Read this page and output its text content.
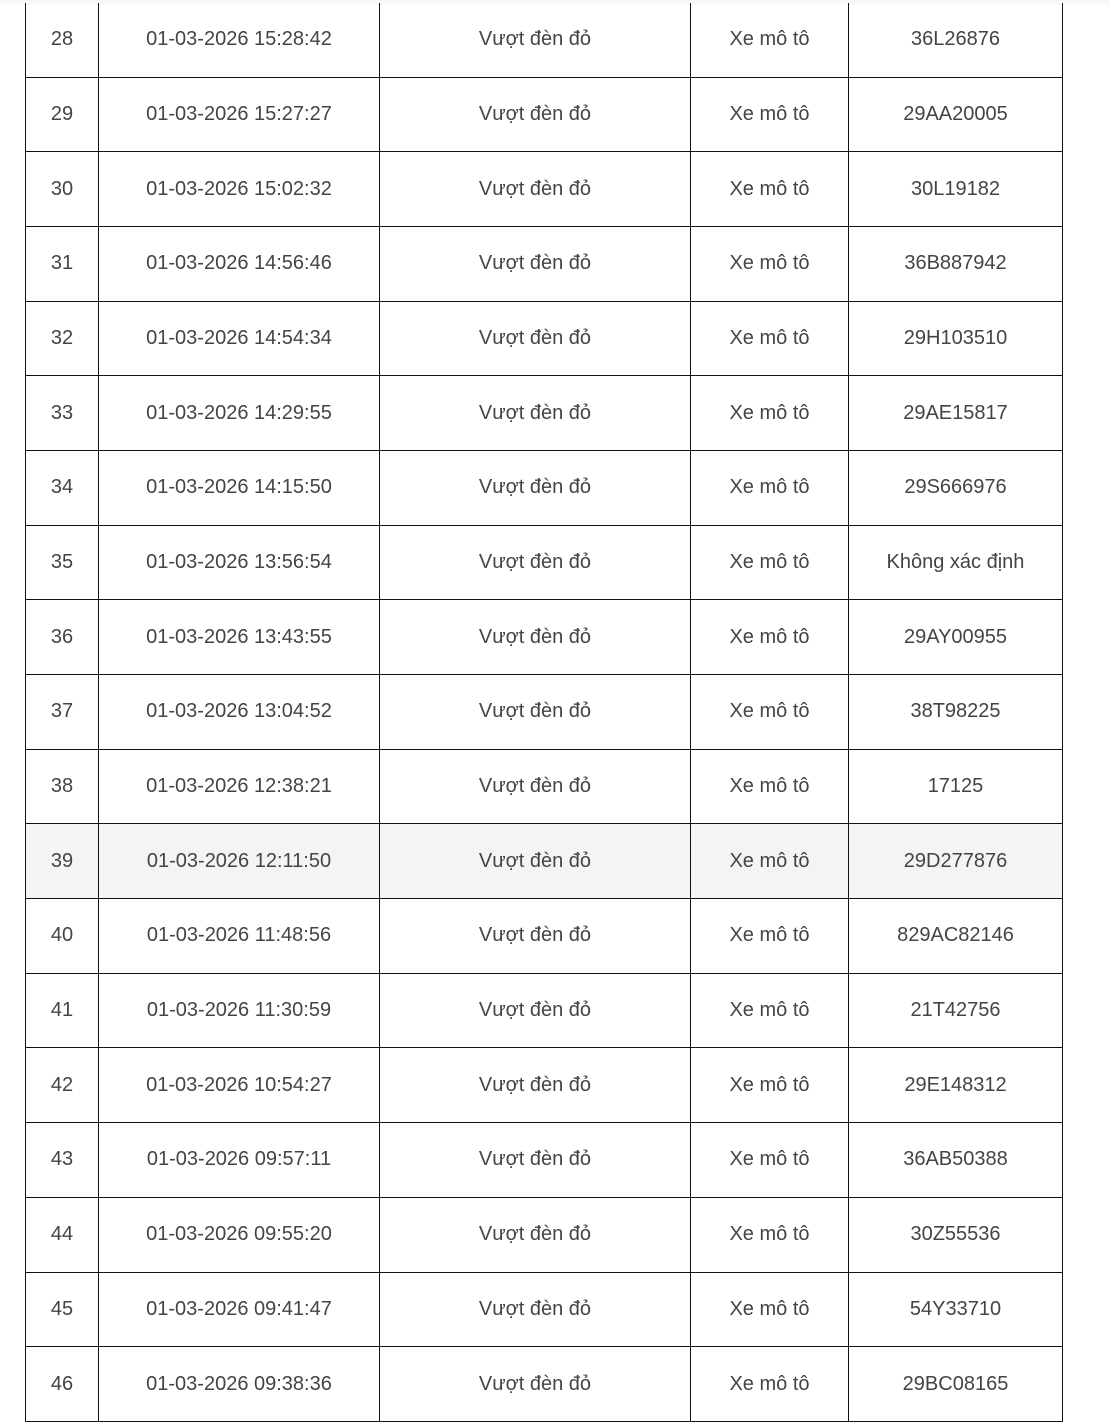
28	01-03-2026 15:28:42	Vượt đèn đỏ	Xe mô tô	36L26876
29	01-03-2026 15:27:27	Vượt đèn đỏ	Xe mô tô	29AA20005
30	01-03-2026 15:02:32	Vượt đèn đỏ	Xe mô tô	30L19182
31	01-03-2026 14:56:46	Vượt đèn đỏ	Xe mô tô	36B887942
32	01-03-2026 14:54:34	Vượt đèn đỏ	Xe mô tô	29H103510
33	01-03-2026 14:29:55	Vượt đèn đỏ	Xe mô tô	29AE15817
34	01-03-2026 14:15:50	Vượt đèn đỏ	Xe mô tô	29S666976
35	01-03-2026 13:56:54	Vượt đèn đỏ	Xe mô tô	Không xác định
36	01-03-2026 13:43:55	Vượt đèn đỏ	Xe mô tô	29AY00955
37	01-03-2026 13:04:52	Vượt đèn đỏ	Xe mô tô	38T98225
38	01-03-2026 12:38:21	Vượt đèn đỏ	Xe mô tô	17125
39	01-03-2026 12:11:50	Vượt đèn đỏ	Xe mô tô	29D277876
40	01-03-2026 11:48:56	Vượt đèn đỏ	Xe mô tô	829AC82146
41	01-03-2026 11:30:59	Vượt đèn đỏ	Xe mô tô	21T42756
42	01-03-2026 10:54:27	Vượt đèn đỏ	Xe mô tô	29E148312
43	01-03-2026 09:57:11	Vượt đèn đỏ	Xe mô tô	36AB50388
44	01-03-2026 09:55:20	Vượt đèn đỏ	Xe mô tô	30Z55536
45	01-03-2026 09:41:47	Vượt đèn đỏ	Xe mô tô	54Y33710
46	01-03-2026 09:38:36	Vượt đèn đỏ	Xe mô tô	29BC08165
